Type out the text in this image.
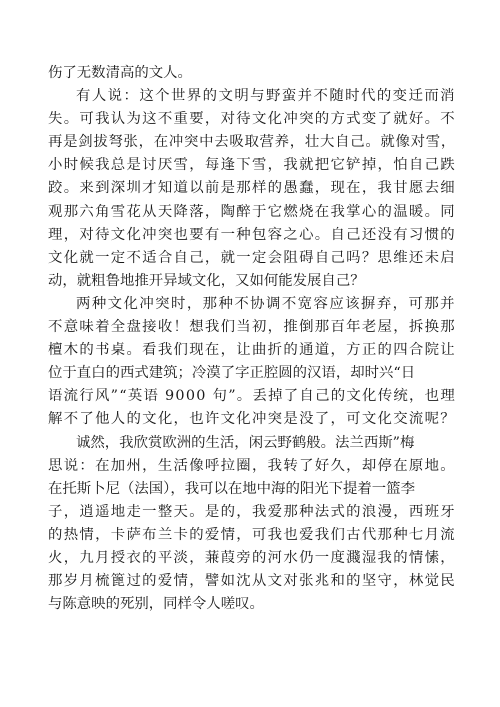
伤了无数清高的文人。
有人说：这个世界的文明与野蛮并不随时代的变迁而消
失。可我认为这不重要，对待文化冲突的方式变了就好。不
再是剑拔弩张，在冲突中去吸取营养，壮大自己。就像对雪，
小时候我总是讨厌雪，每逢下雪，我就把它铲掉，怕自己跌
跤。来到深圳才知道以前是那样的愚蠢，现在，我甘愿去细
观那六角雪花从天降落，陶醉于它燃烧在我掌心的温暖。同
理，对待文化冲突也要有一种包容之心。自己还没有习惯的
文化就一定不适合自己，就一定会阻碍自己吗？思维还未启
动，就粗鲁地推开异域文化，又如何能发展自己？
两种文化冲突时，那种不协调不宽容应该摒弃，可那并
不意味着全盘接收！想我们当初，推倒那百年老屋，拆换那
檀木的书桌。看我们现在，让曲折的通道，方正的四合院让
位于直白的西式建筑；冷漠了字正腔圆的汉语，却时兴“日
语流行风”“英语 9000 句”。丢掉了自己的文化传统，也理
解不了他人的文化，也许文化冲突是没了，可文化交流呢？
诚然，我欣赏欧洲的生活，闲云野鹤般。法兰西斯”梅
思说：在加州，生活像呼拉圈，我转了好久，却停在原地。
在托斯卜尼（法国），我可以在地中海的阳光下提着一篮李
子，逍遥地走一整天。是的，我爱那种法式的浪漫，西班牙
的热情，卡萨布兰卡的爱情，可我也爱我们古代那种七月流
火，九月授衣的平淡，蒹葭旁的河水仍一度濺湿我的情愫，
那岁月梳篦过的爱情，譬如沈从文对张兆和的坚守，林觉民
与陈意映的死别，同样令人嗟叹。
